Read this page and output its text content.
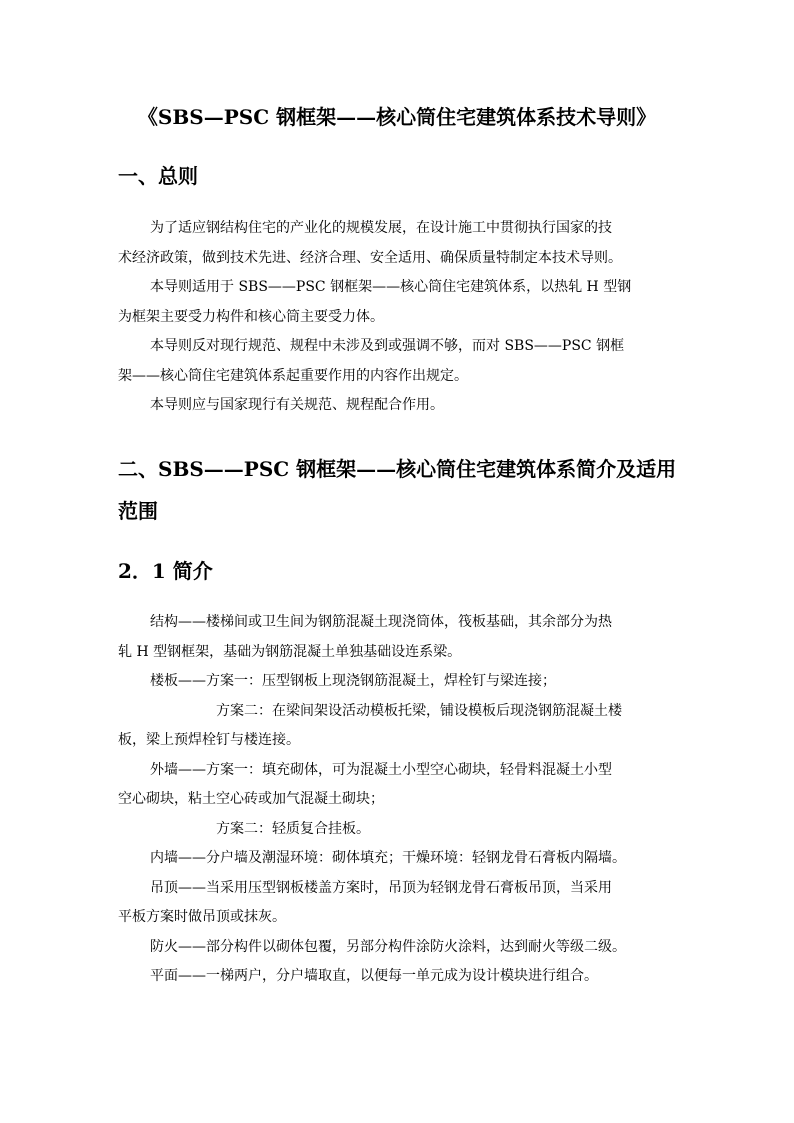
《SBS—PSC 钢框架——核心筒住宅建筑体系技术导则》
一、总则
为了适应钢结构住宅的产业化的规模发展，在设计施工中贯彻执行国家的技
术经济政策，做到技术先进、经济合理、安全适用、确保质量特制定本技术导则。
本导则适用于 SBS——PSC 钢框架——核心筒住宅建筑体系，以热轧 H 型钢
为框架主要受力构件和核心筒主要受力体。
本导则反对现行规范、规程中未涉及到或强调不够，而对 SBS——PSC 钢框
架——核心筒住宅建筑体系起重要作用的内容作出规定。
本导则应与国家现行有关规范、规程配合作用。
二、SBS——PSC 钢框架——核心筒住宅建筑体系简介及适用
范围
2．1 简介
结构——楼梯间或卫生间为钢筋混凝土现浇筒体，筏板基础，其余部分为热
轧 H 型钢框架，基础为钢筋混凝土单独基础设连系梁。
楼板——方案一：压型钢板上现浇钢筋混凝土，焊栓钉与梁连接；
方案二：在梁间架设活动模板托梁，铺设模板后现浇钢筋混凝土楼
板，梁上预焊栓钉与楼连接。
外墙——方案一：填充砌体，可为混凝土小型空心砌块，轻骨料混凝土小型
空心砌块，粘土空心砖或加气混凝土砌块；
方案二：轻质复合挂板。
内墙——分户墙及潮湿环境：砌体填充；干燥环境：轻钢龙骨石膏板内隔墙。
吊顶——当采用压型钢板楼盖方案时，吊顶为轻钢龙骨石膏板吊顶，当采用
平板方案时做吊顶或抹灰。
防火——部分构件以砌体包覆，另部分构件涂防火涂料，达到耐火等级二级。
平面——一梯两户，分户墙取直，以便每一单元成为设计模块进行组合。
